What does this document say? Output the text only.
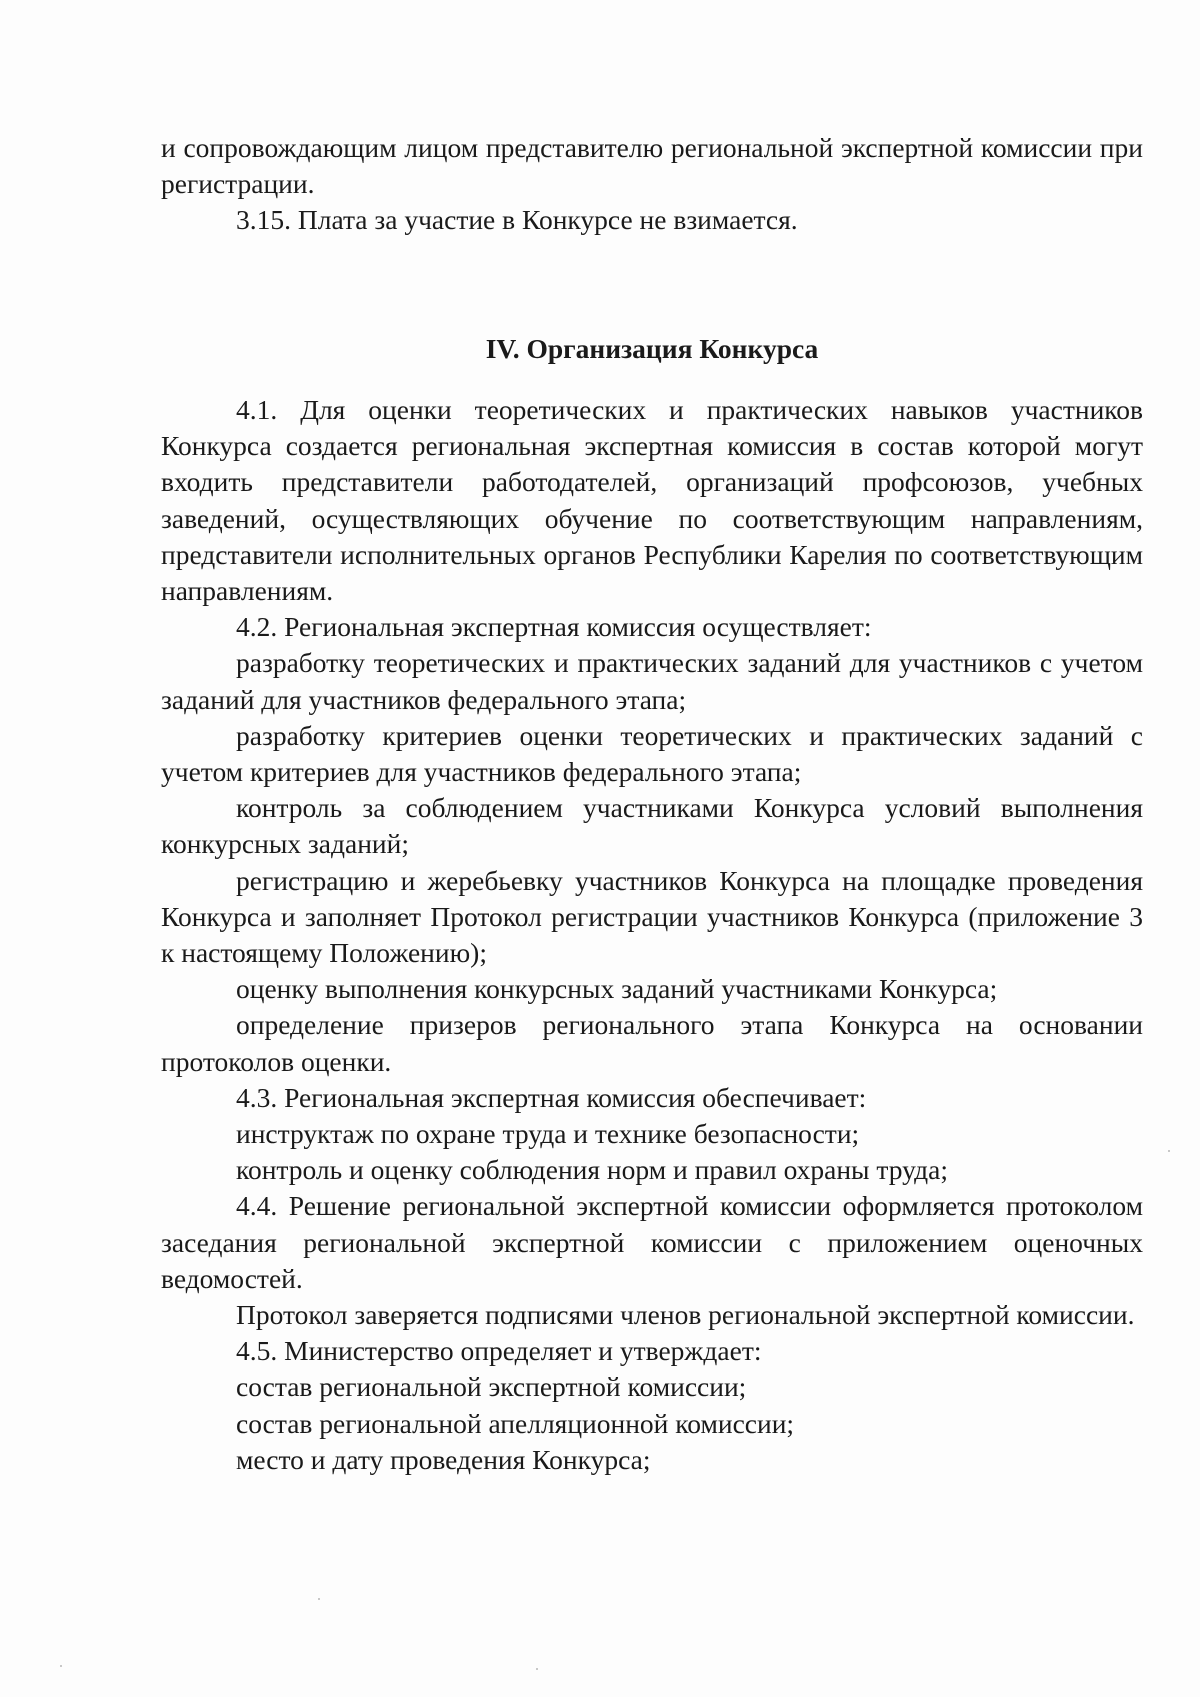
и сопровождающим лицом представителю региональной экспертной комиссии при регистрации.

3.15. Плата за участие в Конкурсе не взимается.

IV. Организация Конкурса

4.1. Для оценки теоретических и практических навыков участников Конкурса создается региональная экспертная комиссия в состав которой могут входить представители работодателей, организаций профсоюзов, учебных заведений, осуществляющих обучение по соответствующим направлениям, представители исполнительных органов Республики Карелия по соответствующим направлениям.

4.2. Региональная экспертная комиссия осуществляет:

разработку теоретических и практических заданий для участников с учетом заданий для участников федерального этапа;

разработку критериев оценки теоретических и практических заданий с учетом критериев для участников федерального этапа;

контроль за соблюдением участниками Конкурса условий выполнения конкурсных заданий;

регистрацию и жеребьевку участников Конкурса на площадке проведения Конкурса и заполняет Протокол регистрации участников Конкурса (приложение 3 к настоящему Положению);

оценку выполнения конкурсных заданий участниками Конкурса;

определение призеров регионального этапа Конкурса на основании протоколов оценки.

4.3. Региональная экспертная комиссия обеспечивает:

инструктаж по охране труда и технике безопасности;

контроль и оценку соблюдения норм и правил охраны труда;

4.4. Решение региональной экспертной комиссии оформляется протоколом заседания региональной экспертной комиссии с приложением оценочных ведомостей.

Протокол заверяется подписями членов региональной экспертной комиссии.

4.5. Министерство определяет и утверждает:

состав региональной экспертной комиссии;

состав региональной апелляционной комиссии;

место и дату проведения Конкурса;
